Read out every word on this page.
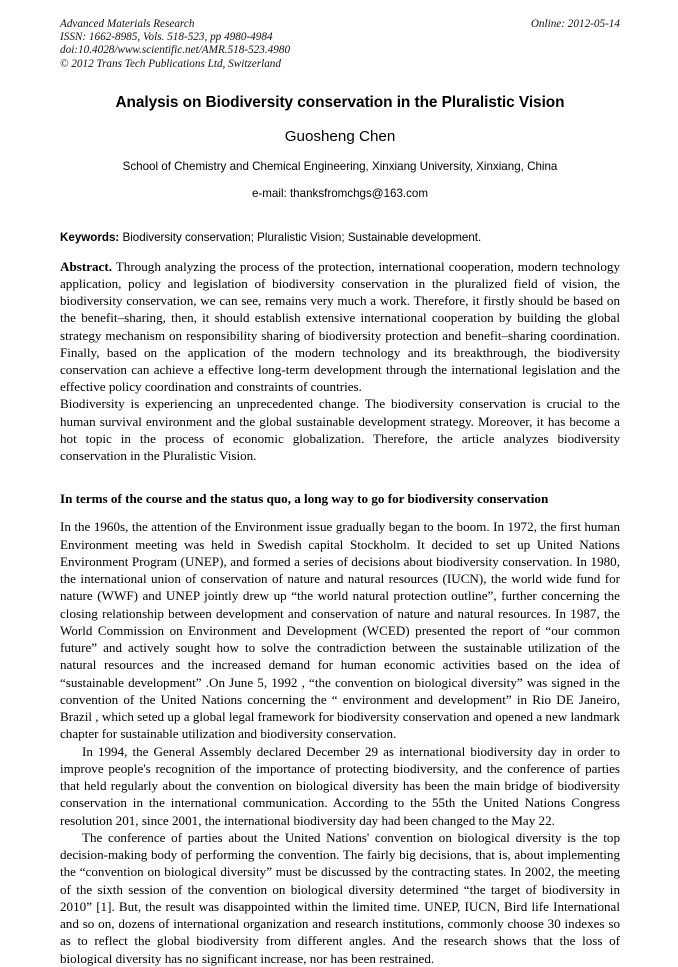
Advanced Materials Research
ISSN: 1662-8985, Vols. 518-523, pp 4980-4984
doi:10.4028/www.scientific.net/AMR.518-523.4980
© 2012 Trans Tech Publications Ltd, Switzerland
Online: 2012-05-14
Analysis on Biodiversity conservation in the Pluralistic Vision
Guosheng Chen
School of Chemistry and Chemical Engineering, Xinxiang University, Xinxiang, China
e-mail: thanksfromchgs@163.com
Keywords: Biodiversity conservation; Pluralistic Vision; Sustainable development.
Abstract. Through analyzing the process of the protection, international cooperation, modern technology application, policy and legislation of biodiversity conservation in the pluralized field of vision, the biodiversity conservation, we can see, remains very much a work. Therefore, it firstly should be based on the benefit–sharing, then, it should establish extensive international cooperation by building the global strategy mechanism on responsibility sharing of biodiversity protection and benefit–sharing coordination. Finally, based on the application of the modern technology and its breakthrough, the biodiversity conservation can achieve a effective long-term development through the international legislation and the effective policy coordination and constraints of countries.
Biodiversity is experiencing an unprecedented change. The biodiversity conservation is crucial to the human survival environment and the global sustainable development strategy. Moreover, it has become a hot topic in the process of economic globalization. Therefore, the article analyzes biodiversity conservation in the Pluralistic Vision.
In terms of the course and the status quo, a long way to go for biodiversity conservation
In the 1960s, the attention of the Environment issue gradually began to the boom. In 1972, the first human Environment meeting was held in Swedish capital Stockholm. It decided to set up United Nations Environment Program (UNEP), and formed a series of decisions about biodiversity conservation. In 1980, the international union of conservation of nature and natural resources (IUCN), the world wide fund for nature (WWF) and UNEP jointly drew up “the world natural protection outline”, further concerning the closing relationship between development and conservation of nature and natural resources. In 1987, the World Commission on Environment and Development (WCED) presented the report of “our common future” and actively sought how to solve the contradiction between the sustainable utilization of the natural resources and the increased demand for human economic activities based on the idea of “sustainable development” .On June 5, 1992 , “the convention on biological diversity” was signed in the convention of the United Nations concerning the “ environment and development” in Rio DE Janeiro, Brazil , which seted up a global legal framework for biodiversity conservation and opened a new landmark chapter for sustainable utilization and biodiversity conservation.
In 1994, the General Assembly declared December 29 as international biodiversity day in order to improve people's recognition of the importance of protecting biodiversity, and the conference of parties that held regularly about the convention on biological diversity has been the main bridge of biodiversity conservation in the international communication. According to the 55th the United Nations Congress resolution 201, since 2001, the international biodiversity day had been changed to the May 22.
The conference of parties about the United Nations' convention on biological diversity is the top decision-making body of performing the convention. The fairly big decisions, that is, about implementing the “convention on biological diversity” must be discussed by the contracting states. In 2002, the meeting of the sixth session of the convention on biological diversity determined “the target of biodiversity in 2010” [1]. But, the result was disappointed within the limited time. UNEP, IUCN, Bird life International and so on, dozens of international organization and research institutions, commonly choose 30 indexes so as to reflect the global biodiversity from different angles. And the research shows that the loss of biological diversity has no significant increase, nor has been restrained.
